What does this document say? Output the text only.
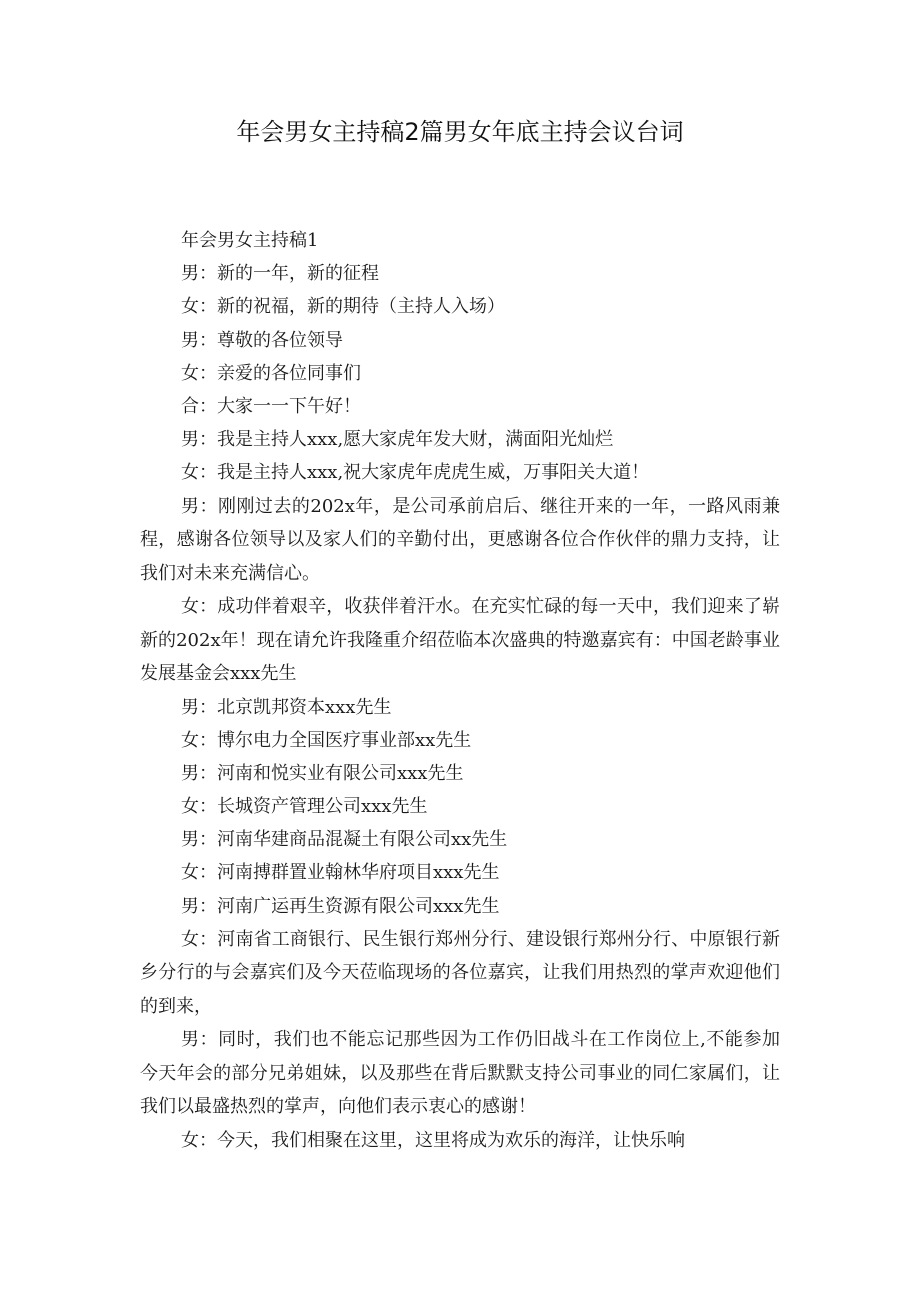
年会男女主持稿2篇男女年底主持会议台词
年会男女主持稿1
男：新的一年，新的征程
女：新的祝福，新的期待（主持人入场）
男：尊敬的各位领导
女：亲爱的各位同事们
合：大家一一下午好！
男：我是主持人xxx,愿大家虎年发大财，满面阳光灿烂
女：我是主持人xxx,祝大家虎年虎虎生威，万事阳关大道！

男：刚刚过去的202x年，是公司承前启后、继往开来的一年，一路风雨兼程，感谢各位领导以及家人们的辛勤付出，更感谢各位合作伙伴的鼎力支持，让我们对未来充满信心。

女：成功伴着艰辛，收获伴着汗水。在充实忙碌的每一天中，我们迎来了崭新的202x年！现在请允许我隆重介绍莅临本次盛典的特邀嘉宾有：中国老龄事业发展基金会xxx先生

男：北京凯邦资本xxx先生
女：博尔电力全国医疗事业部xx先生
男：河南和悦实业有限公司xxx先生
女：长城资产管理公司xxx先生
男：河南华建商品混凝土有限公司xx先生
女：河南搏群置业翰林华府项目xxx先生
男：河南广运再生资源有限公司xxx先生

女：河南省工商银行、民生银行郑州分行、建设银行郑州分行、中原银行新乡分行的与会嘉宾们及今天莅临现场的各位嘉宾，让我们用热烈的掌声欢迎他们的到来，

男：同时，我们也不能忘记那些因为工作仍旧战斗在工作岗位上,不能参加今天年会的部分兄弟姐妹，以及那些在背后默默支持公司事业的同仁家属们，让我们以最盛热烈的掌声，向他们表示衷心的感谢！

女：今天，我们相聚在这里，这里将成为欢乐的海洋，让快乐响
